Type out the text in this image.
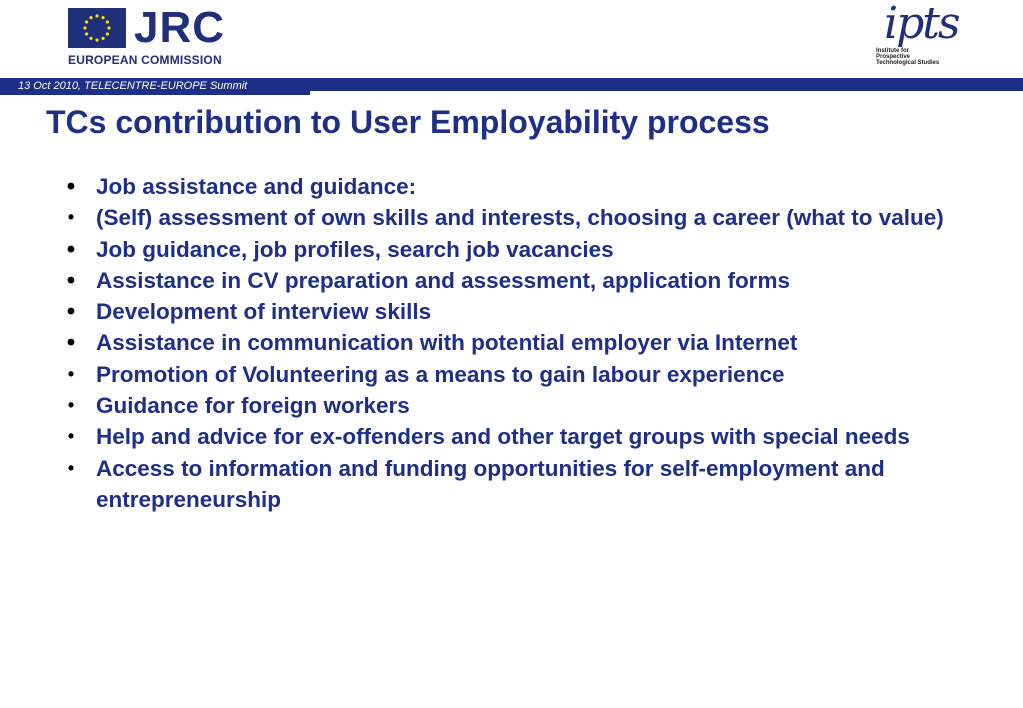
JRC
EUROPEAN COMMISSION
ipts
Institute for
Prospective
Technological Studies
13 Oct 2010, TELECENTRE-EUROPE Summit
TCs contribution to User Employability process
• Job assistance and guidance:
• (Self) assessment of own skills and interests, choosing a career (what to value)
• Job guidance, job profiles, search job vacancies
• Assistance in CV preparation and assessment, application forms
• Development of interview skills
• Assistance in communication with potential employer via Internet
• Promotion of Volunteering as a means to gain labour experience
• Guidance for foreign workers
• Help and advice for ex-offenders and other target groups with special needs
• Access to information and funding opportunities for self-employment and entrepreneurship
